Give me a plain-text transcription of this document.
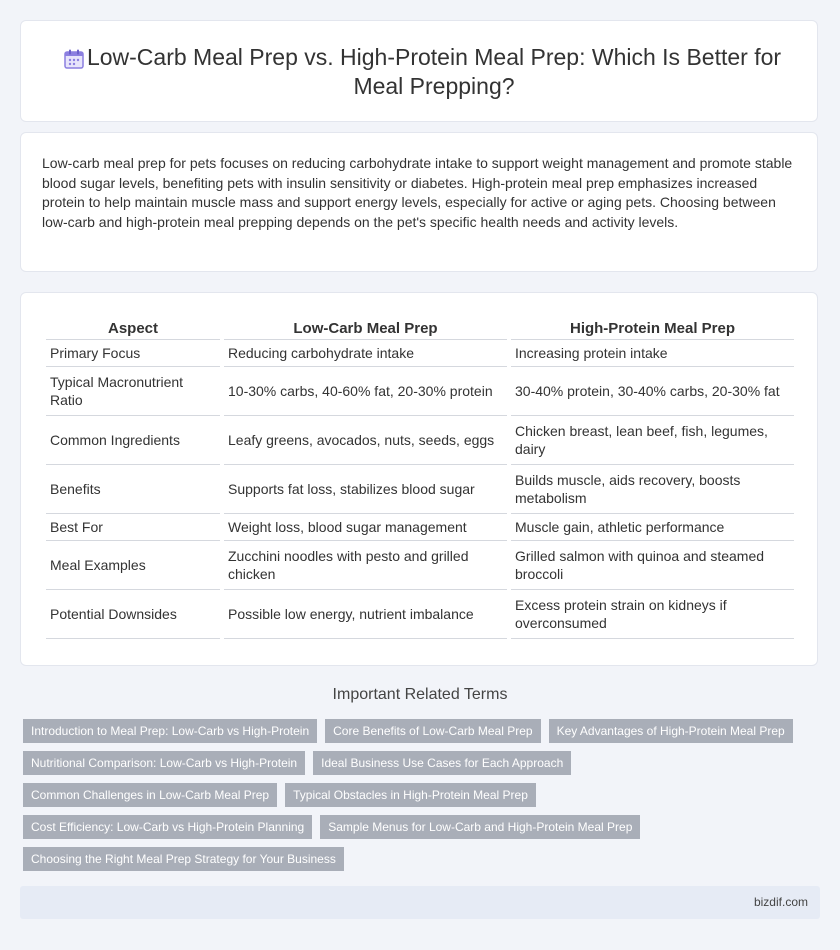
Low-Carb Meal Prep vs. High-Protein Meal Prep: Which Is Better for Meal Prepping?
Low-carb meal prep for pets focuses on reducing carbohydrate intake to support weight management and promote stable blood sugar levels, benefiting pets with insulin sensitivity or diabetes. High-protein meal prep emphasizes increased protein to help maintain muscle mass and support energy levels, especially for active or aging pets. Choosing between low-carb and high-protein meal prepping depends on the pet's specific health needs and activity levels.
Aspect	Low-Carb Meal Prep	High-Protein Meal Prep
Primary Focus	Reducing carbohydrate intake	Increasing protein intake
Typical Macronutrient Ratio	10-30% carbs, 40-60% fat, 20-30% protein	30-40% protein, 30-40% carbs, 20-30% fat
Common Ingredients	Leafy greens, avocados, nuts, seeds, eggs	Chicken breast, lean beef, fish, legumes, dairy
Benefits	Supports fat loss, stabilizes blood sugar	Builds muscle, aids recovery, boosts metabolism
Best For	Weight loss, blood sugar management	Muscle gain, athletic performance
Meal Examples	Zucchini noodles with pesto and grilled chicken	Grilled salmon with quinoa and steamed broccoli
Potential Downsides	Possible low energy, nutrient imbalance	Excess protein strain on kidneys if overconsumed
Important Related Terms
Introduction to Meal Prep: Low-Carb vs High-Protein	Core Benefits of Low-Carb Meal Prep	Key Advantages of High-Protein Meal Prep
Nutritional Comparison: Low-Carb vs High-Protein	Ideal Business Use Cases for Each Approach
Common Challenges in Low-Carb Meal Prep	Typical Obstacles in High-Protein Meal Prep
Cost Efficiency: Low-Carb vs High-Protein Planning	Sample Menus for Low-Carb and High-Protein Meal Prep
Choosing the Right Meal Prep Strategy for Your Business
bizdif.com
